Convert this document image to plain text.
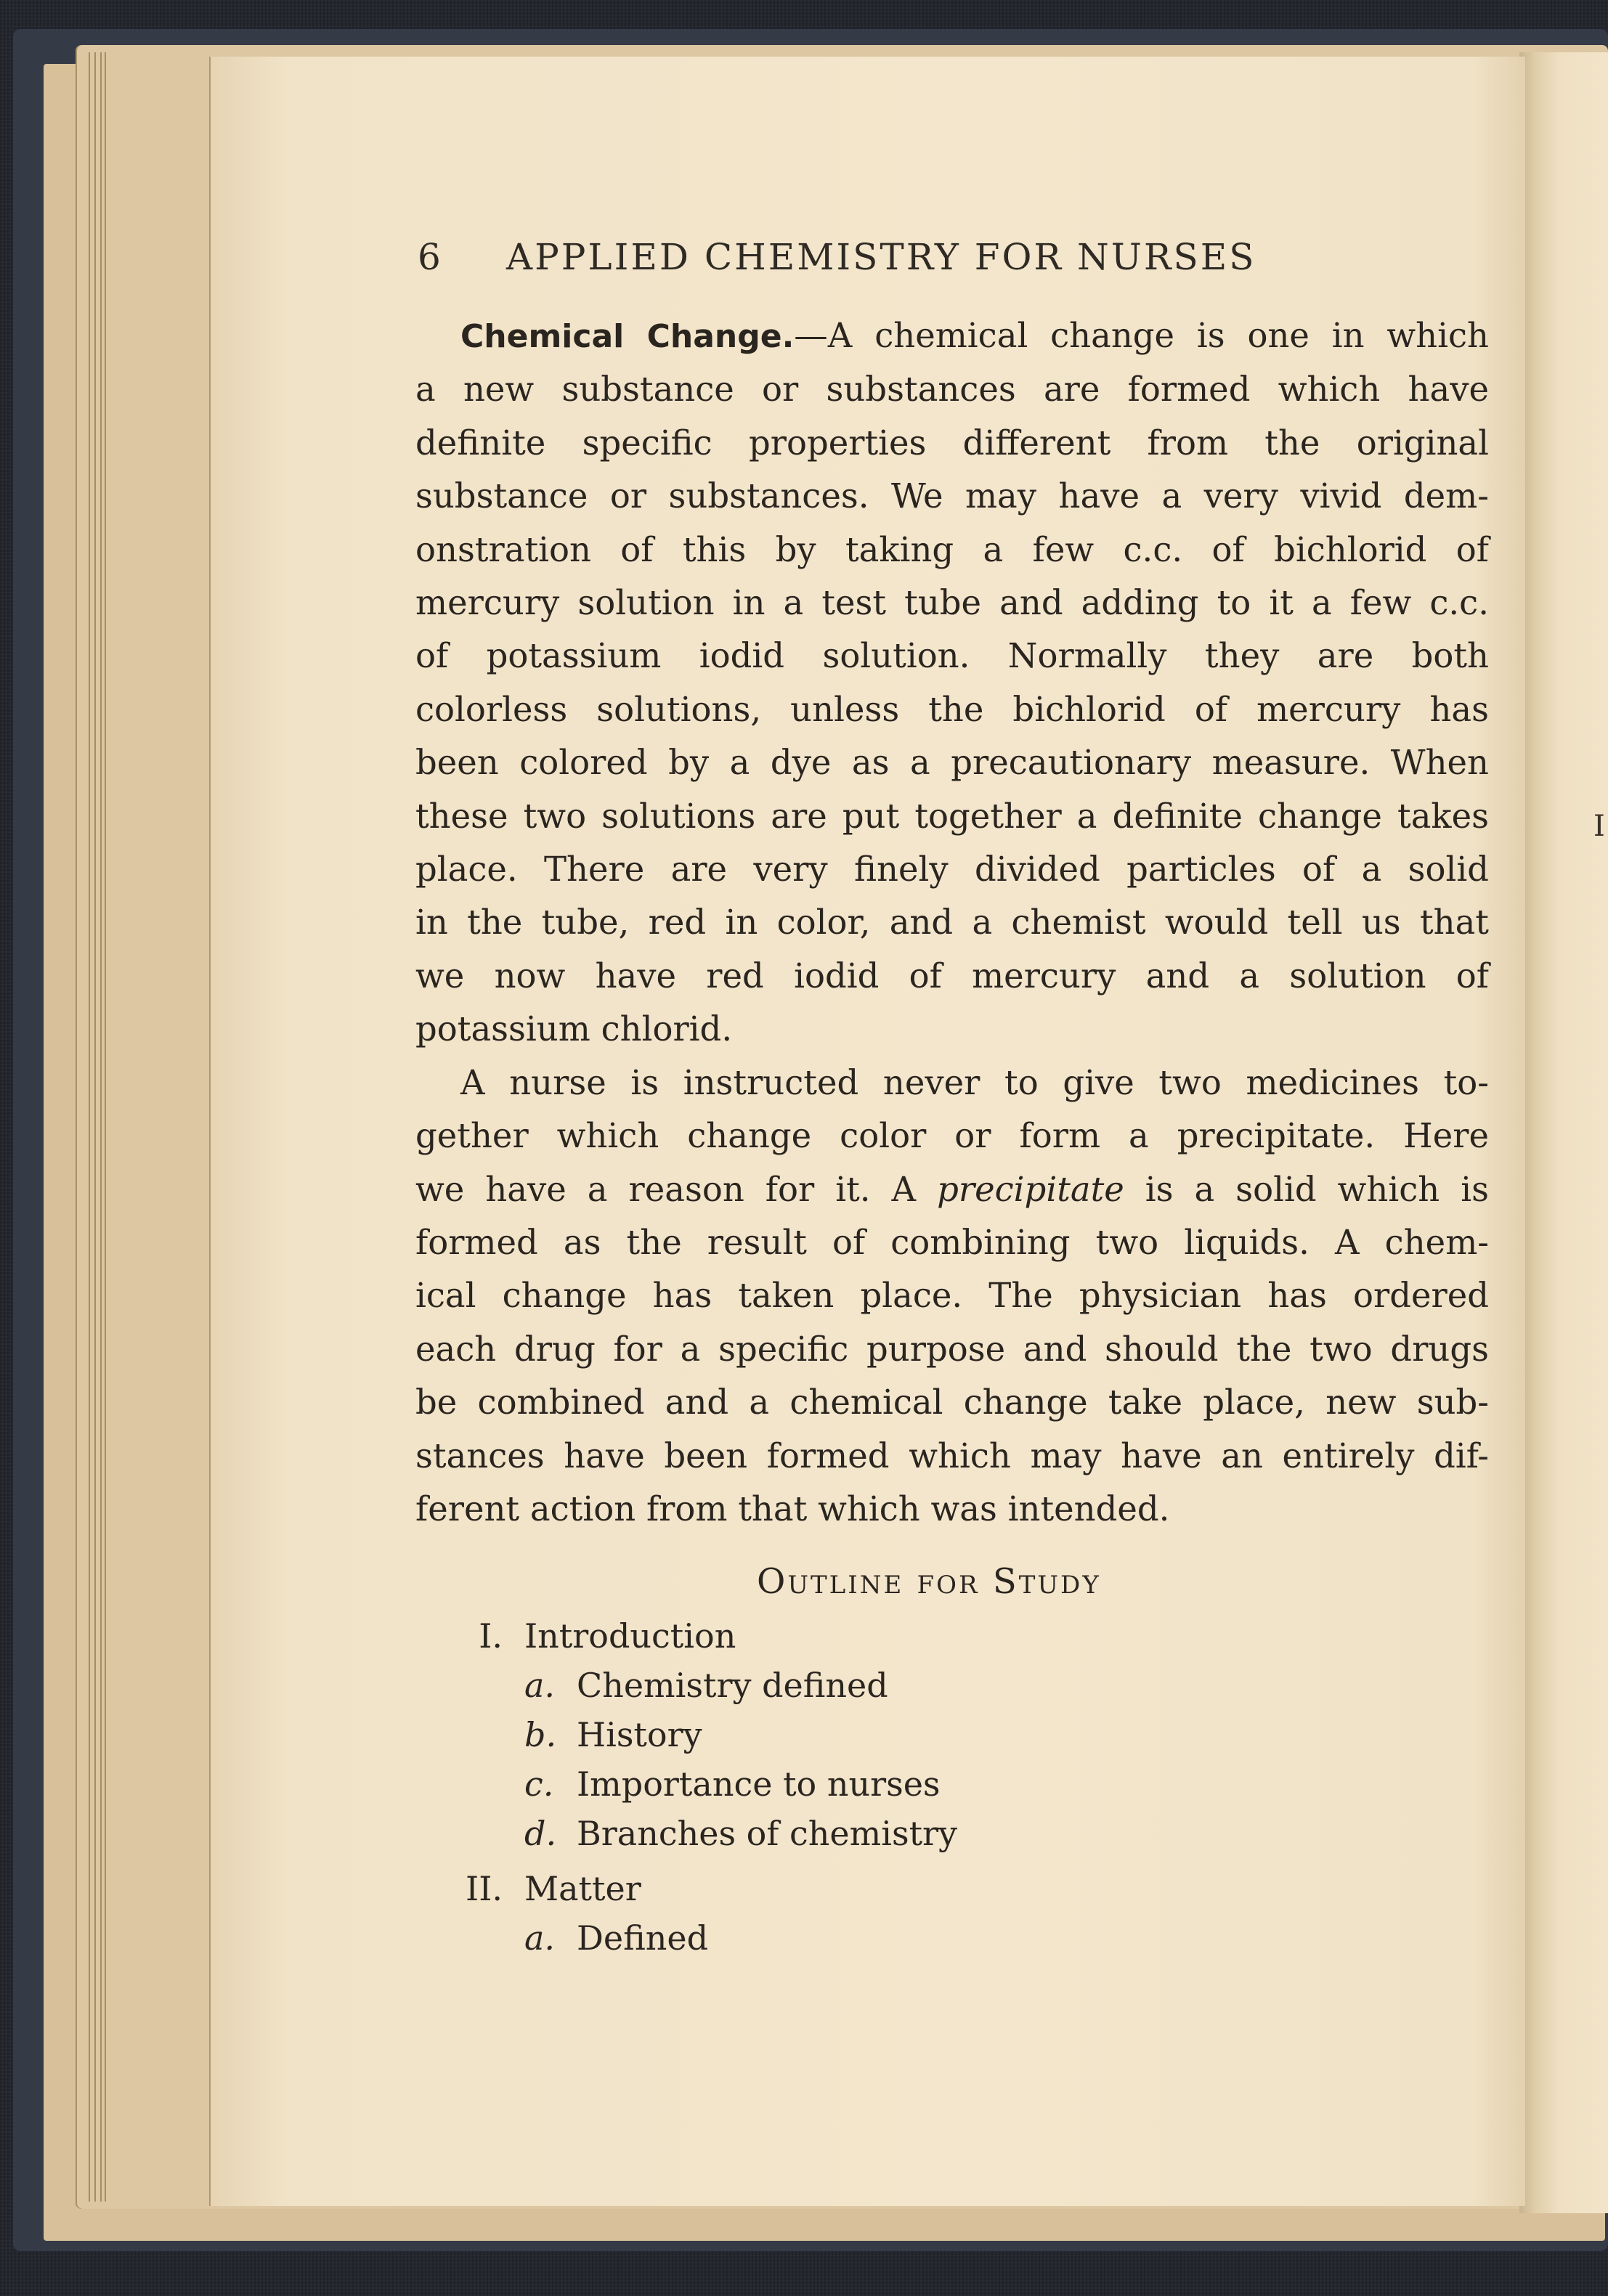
I
6	APPLIED CHEMISTRY FOR NURSES
Chemical Change.—A chemical change is one in which
a new substance or substances are formed which have
definite specific properties different from the original
substance or substances. We may have a very vivid dem-
onstration of this by taking a few c.c. of bichlorid of
mercury solution in a test tube and adding to it a few c.c.
of potassium iodid solution. Normally they are both
colorless solutions, unless the bichlorid of mercury has
been colored by a dye as a precautionary measure. When
these two solutions are put together a definite change takes
place. There are very finely divided particles of a solid
in the tube, red in color, and a chemist would tell us that
we now have red iodid of mercury and a solution of
potassium chlorid.
A nurse is instructed never to give two medicines to-
gether which change color or form a precipitate. Here
we have a reason for it. A precipitate is a solid which is
formed as the result of combining two liquids. A chem-
ical change has taken place. The physician has ordered
each drug for a specific purpose and should the two drugs
be combined and a chemical change take place, new sub-
stances have been formed which may have an entirely dif-
ferent action from that which was intended.
Outline for Study
I. Introduction
a. Chemistry defined
b. History
c. Importance to nurses
d. Branches of chemistry
II. Matter
a. Defined
